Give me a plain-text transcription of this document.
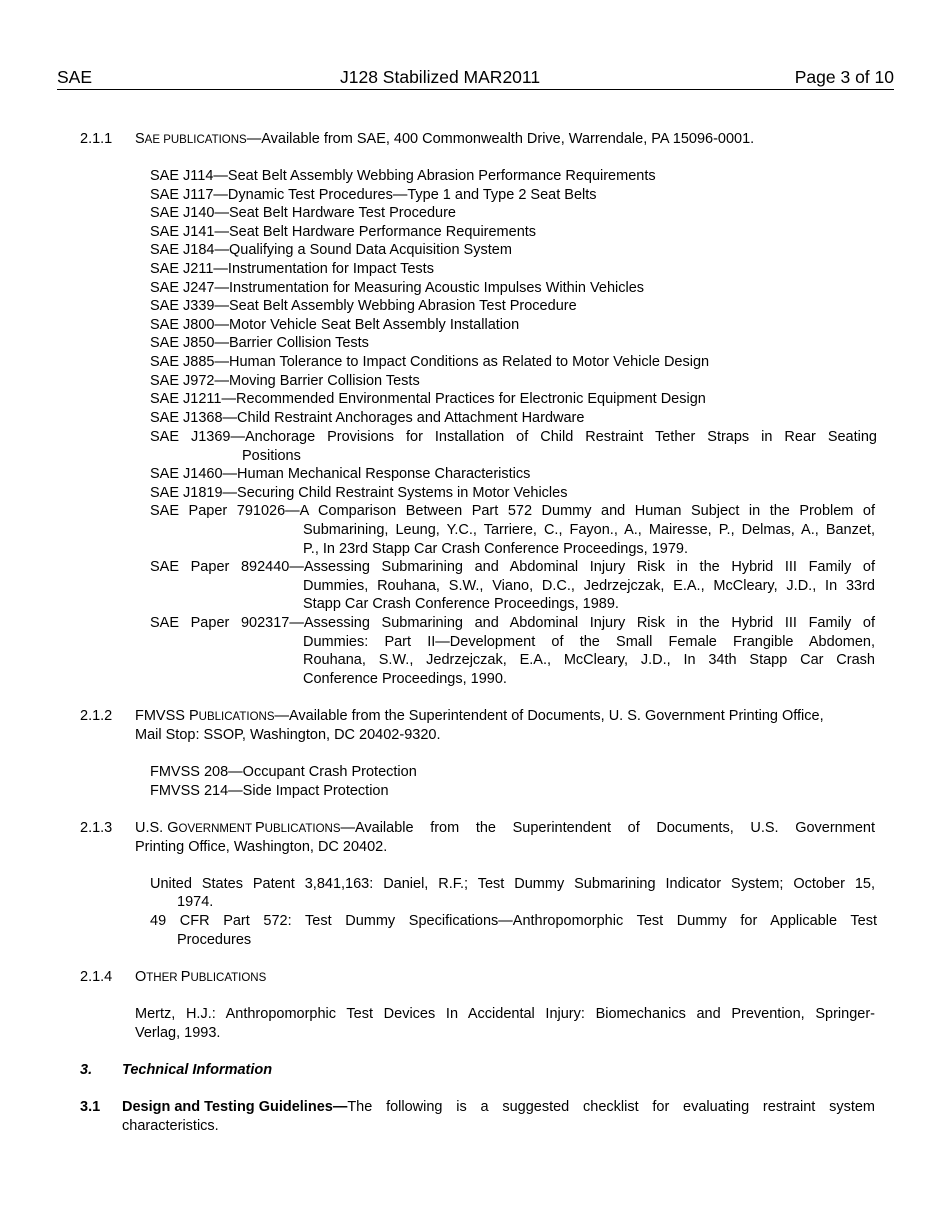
SAE	J128 Stabilized MAR2011	Page 3 of 10
2.1.1 SAE PUBLICATIONS—Available from SAE, 400 Commonwealth Drive, Warrendale, PA 15096-0001.
SAE J114—Seat Belt Assembly Webbing Abrasion Performance Requirements
SAE J117—Dynamic Test Procedures—Type 1 and Type 2 Seat Belts
SAE J140—Seat Belt Hardware Test Procedure
SAE J141—Seat Belt Hardware Performance Requirements
SAE J184—Qualifying a Sound Data Acquisition System
SAE J211—Instrumentation for Impact Tests
SAE J247—Instrumentation for Measuring Acoustic Impulses Within Vehicles
SAE J339—Seat Belt Assembly Webbing Abrasion Test Procedure
SAE J800—Motor Vehicle Seat Belt Assembly Installation
SAE J850—Barrier Collision Tests
SAE J885—Human Tolerance to Impact Conditions as Related to Motor Vehicle Design
SAE J972—Moving Barrier Collision Tests
SAE J1211—Recommended Environmental Practices for Electronic Equipment Design
SAE J1368—Child Restraint Anchorages and Attachment Hardware
SAE J1369—Anchorage Provisions for Installation of Child Restraint Tether Straps in Rear Seating
Positions
SAE J1460—Human Mechanical Response Characteristics
SAE J1819—Securing Child Restraint Systems in Motor Vehicles
SAE Paper 791026—A Comparison Between Part 572 Dummy and Human Subject in the Problem of
Submarining, Leung, Y.C., Tarriere, C., Fayon., A., Mairesse, P., Delmas, A., Banzet,
P., In 23rd Stapp Car Crash Conference Proceedings, 1979.
SAE Paper 892440—Assessing Submarining and Abdominal Injury Risk in the Hybrid III Family of
Dummies, Rouhana, S.W., Viano, D.C., Jedrzejczak, E.A., McCleary, J.D., In 33rd
Stapp Car Crash Conference Proceedings, 1989.
SAE Paper 902317—Assessing Submarining and Abdominal Injury Risk in the Hybrid III Family of
Dummies: Part II—Development of the Small Female Frangible Abdomen,
Rouhana, S.W., Jedrzejczak, E.A., McCleary, J.D., In 34th Stapp Car Crash
Conference Proceedings, 1990.
2.1.2 FMVSS PUBLICATIONS—Available from the Superintendent of Documents, U. S. Government Printing Office,
Mail Stop: SSOP, Washington, DC 20402-9320.
FMVSS 208—Occupant Crash Protection
FMVSS 214—Side Impact Protection
2.1.3 U.S. GOVERNMENT PUBLICATIONS —Available from the Superintendent of Documents, U.S. Government
Printing Office, Washington, DC 20402.
United States Patent 3,841,163: Daniel, R.F.; Test Dummy Submarining Indicator System; October 15,
1974.
49 CFR Part 572: Test Dummy Specifications—Anthropomorphic Test Dummy for Applicable Test
Procedures
2.1.4 OTHER PUBLICATIONS
Mertz, H.J.: Anthropomorphic Test Devices In Accidental Injury: Biomechanics and Prevention, Springer-
Verlag, 1993.
3. Technical Information
3.1 Design and Testing Guidelines— The following is a suggested checklist for evaluating restraint system
characteristics.
